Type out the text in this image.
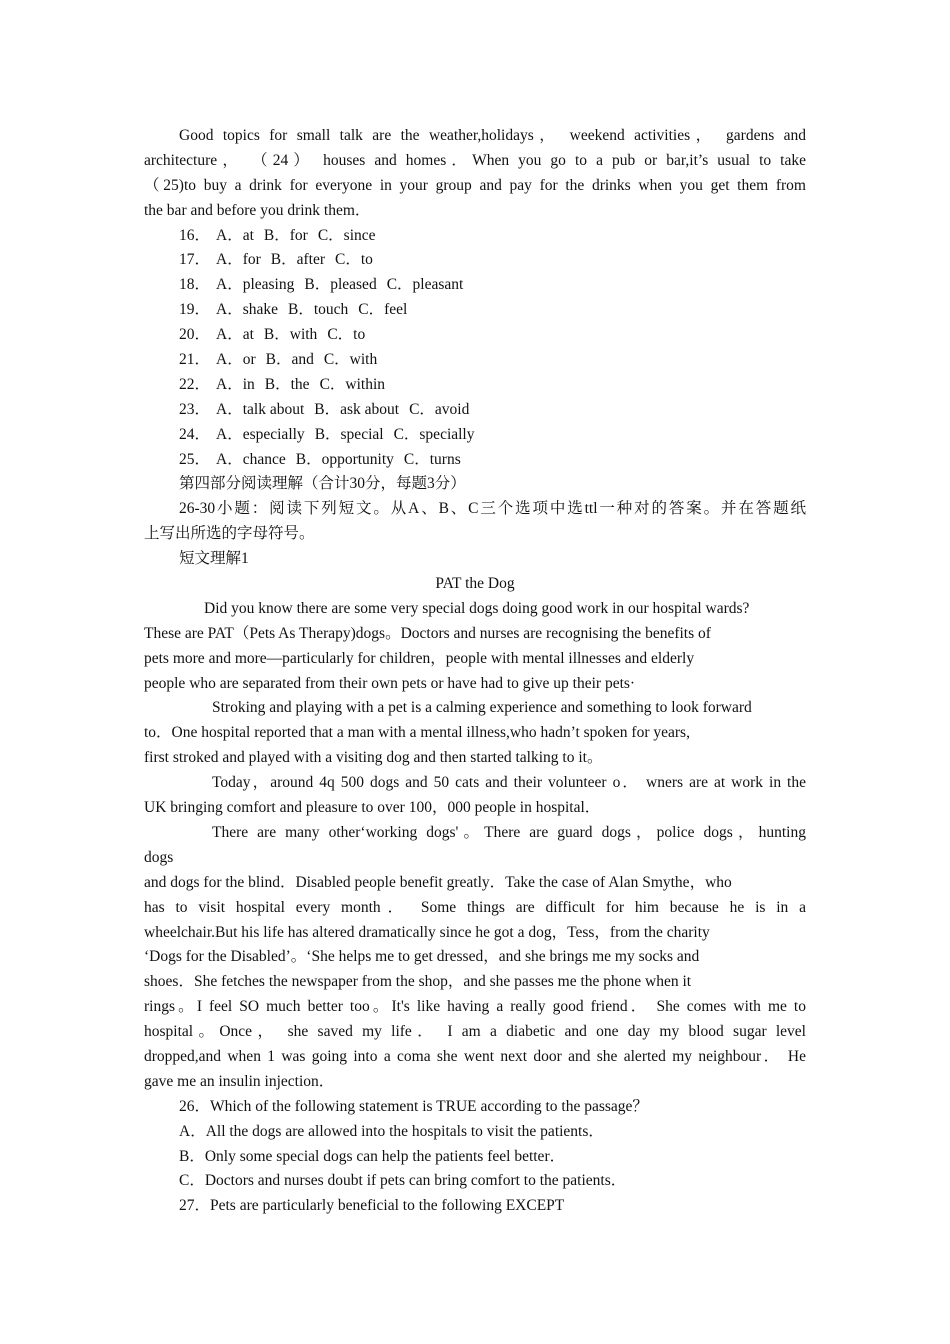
Good topics for small talk are the weather,holidays， weekend activities， gardens and
architecture， （24） houses and homes．When you go to a pub or bar,it’s usual to take
（25)to buy a drink for everyone in your group and pay for the drinks when you get them from
the bar and before you drink them．
16． A．at B．for C．since
17． A．for B．after C．to
18． A．pleasing B．pleased C．pleasant
19． A．shake B．touch C．feel
20． A．at B．with C．to
21． A．or B．and C．with
22． A．in B．the C．within
23． A．talk about B．ask about C．avoid
24． A．especially B．special C．specially
25． A．chance B．opportunity C．turns
第四部分阅读理解（合计30分，每题3分）
26-30小题：阅读下列短文。从A、B、C三个选项中选ttl一种对的答案。并在答题纸
上写出所选的字母符号。
短文理解1
PAT the Dog
Did you know there are some very special dogs doing good work in our hospital wards?
These are PAT（Pets As Therapy)dogs。Doctors and nurses are recognising the benefits of
pets more and more—particularly for children，people with mental illnesses and elderly
people who are separated from their own pets or have had to give up their pets·
Stroking and playing with a pet is a calming experience and something to look forward
to．One hospital reported that a man with a mental illness,who hadn’t spoken for years,
first stroked and played with a visiting dog and then started talking to it。
Today，around 4q 500 dogs and 50 cats and their volunteer o． wners are at work in the
UK bringing comfort and pleasure to over 100，000 people in hospital．
There are many other‘working dogs'。There are guard dogs，police dogs，hunting
dogs
and dogs for the blind．Disabled people benefit greatly．Take the case of Alan Smythe，who
has to visit hospital every month． Some things are difficult for him because he is in a
wheelchair.But his life has altered dramatically since he got a dog，Tess，from the charity
‘Dogs for the Disabled’。‘She helps me to get dressed，and she brings me my socks and
shoes．She fetches the newspaper from the shop，and she passes me the phone when it
rings。I feel SO much better too。It's like having a really good friend． She comes with me to
hospital。Once， she saved my life． I am a diabetic and one day my blood sugar level
dropped,and when 1 was going into a coma she went next door and she alerted my neighbour． He
gave me an insulin injection．
26．Which of the following statement is TRUE according to the passage？
A．All the dogs are allowed into the hospitals to visit the patients．
B．Only some special dogs can help the patients feel better．
C．Doctors and nurses doubt if pets can bring comfort to the patients．
27．Pets are particularly beneficial to the following EXCEPT
